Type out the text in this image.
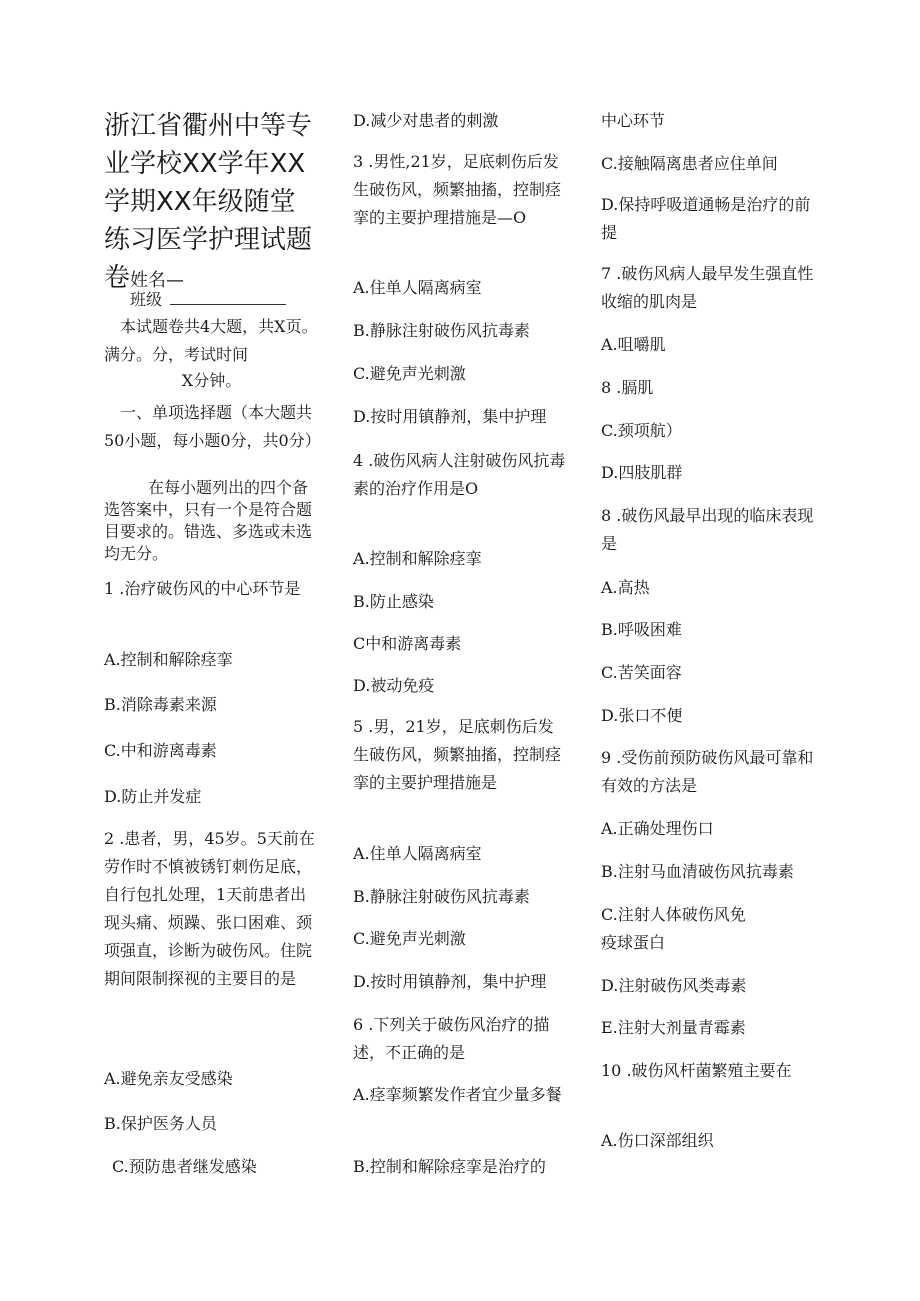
浙江省衢州中等专业学校XX学年XX学期XX年级随堂练习医学护理试题卷姓名—
班级
本试题卷共4大题，共X页。满分。分，考试时间
X分钟。
一、单项选择题（本大题共50小题，每小题0分，共0分）
在每小题列出的四个备选答案中，只有一个是符合题目要求的。错选、多选或未选均无分。
1 .治疗破伤风的中心环节是
A.控制和解除痉挛
B.消除毒素来源
C.中和游离毒素
D.防止并发症
2 .患者，男，45岁。5天前在劳作时不慎被锈钉刺伤足底，自行包扎处理，1天前患者出现头痛、烦躁、张口困难、颈项强直，诊断为破伤风。住院期间限制探视的主要目的是
A.避免亲友受感染
B.保护医务人员
C.预防患者继发感染
D.减少对患者的刺激
3 .男性,21岁，足底刺伤后发生破伤风，频繁抽搐，控制痉挛的主要护理措施是—O
A.住单人隔离病室
B.静脉注射破伤风抗毒素
C.避免声光刺激
D.按时用镇静剂，集中护理
4 .破伤风病人注射破伤风抗毒素的治疗作用是O
A.控制和解除痉挛
B.防止感染
C中和游离毒素
D.被动免疫
5 .男，21岁，足底刺伤后发生破伤风，频繁抽搐，控制痉挛的主要护理措施是
A.住单人隔离病室
B.静脉注射破伤风抗毒素
C.避免声光刺激
D.按时用镇静剂，集中护理
6 .下列关于破伤风治疗的描述，不正确的是
A.痉挛频繁发作者宜少量多餐
B.控制和解除痉挛是治疗的
中心环节
C.接触隔离患者应住单间
D.保持呼吸道通畅是治疗的前提
7 .破伤风病人最早发生强直性收缩的肌肉是
A.咀嚼肌
8 .膈肌
C.颈项航）
D.四肢肌群
8 .破伤风最早出现的临床表现是
A.高热
B.呼吸困难
C.苦笑面容
D.张口不便
9 .受伤前预防破伤风最可靠和有效的方法是
A.正确处理伤口
B.注射马血清破伤风抗毒素
C.注射人体破伤风免疫球蛋白
D.注射破伤风类毒素
E.注射大剂量青霉素
10 .破伤风杆菌繁殖主要在
A.伤口深部组织
